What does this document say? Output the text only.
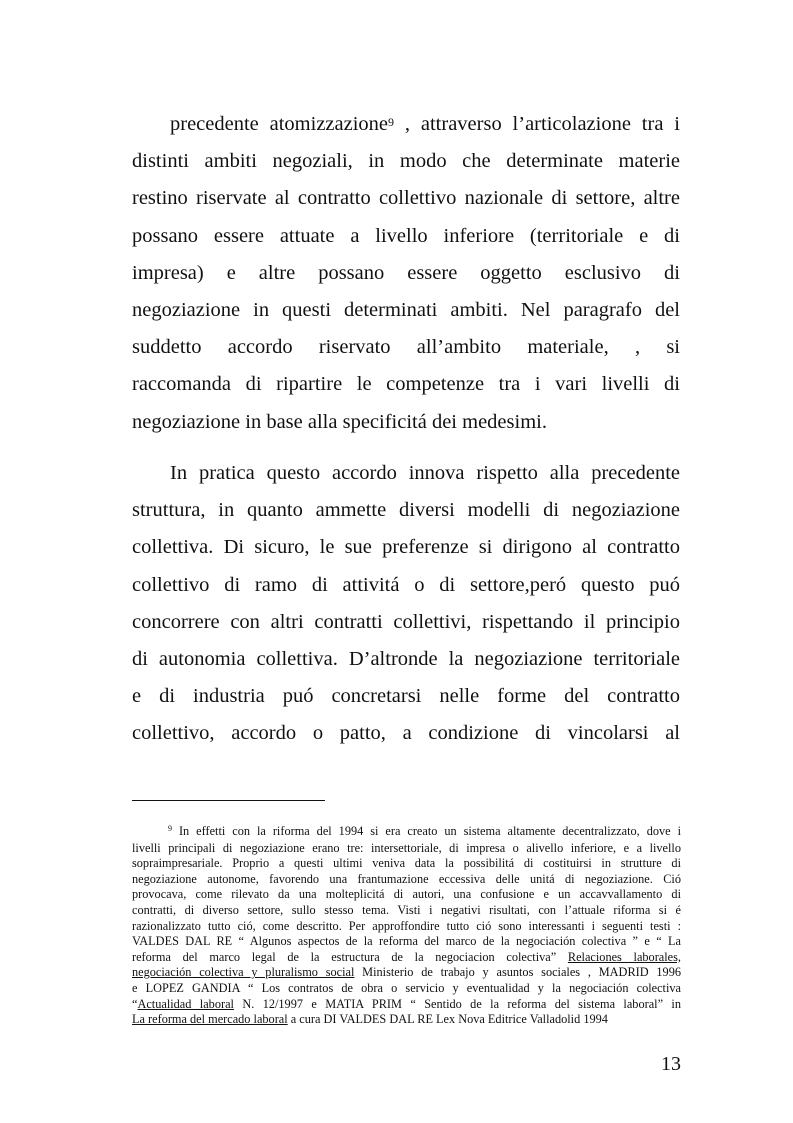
precedente atomizzazione$^9$ , attraverso l’articolazione tra i
distinti ambiti negoziali, in modo che determinate materie
restino riservate al contratto collettivo nazionale di settore, altre
possano essere attuate a livello inferiore (territoriale e di
impresa) e altre possano essere oggetto esclusivo di
negoziazione in questi determinati ambiti. Nel paragrafo del
suddetto accordo riservato all’ambito materiale, , si
raccomanda di ripartire le competenze tra i vari livelli di
negoziazione in base alla specificitá dei medesimi.
In pratica questo accordo innova rispetto alla precedente
struttura, in quanto ammette diversi modelli di negoziazione
collettiva. Di sicuro, le sue preferenze si dirigono al contratto
collettivo di ramo di attivitá o di settore,peró questo puó
concorrere con altri contratti collettivi, rispettando il principio
di autonomia collettiva. D’altronde la negoziazione territoriale
e di industria puó concretarsi nelle forme del contratto
collettivo, accordo o patto, a condizione di vincolarsi al
$^9$ In effetti con la riforma del 1994 si era creato un sistema altamente decentralizzato, dove i
livelli principali di negoziazione erano tre: intersettoriale, di impresa o alivello inferiore, e a livello
sopraimpresariale. Proprio a questi ultimi veniva data la possibilitá di costituirsi in strutture di
negoziazione autonome, favorendo una frantumazione eccessiva delle unitá di negoziazione. Ció
provocava, come rilevato da una molteplicitá di autori, una confusione e un accavvallamento di
contratti, di diverso settore, sullo stesso tema. Visti i negativi risultati, con l’attuale riforma si é
razionalizzato tutto ció, come descritto. Per approffondire tutto ció sono interessanti i seguenti testi :
VALDES DAL RE “ Algunos aspectos de la reforma del marco de la negociación colectiva ” e “ La
reforma del marco legal de la estructura de la negociacion colectiva” Relaciones laborales,
negociación colectiva y pluralismo social Ministerio de trabajo y asuntos sociales , MADRID 1996
e LOPEZ GANDIA “ Los contratos de obra o servicio y eventualidad y la negociación colectiva
“Actualidad laboral N. 12/1997 e MATIA PRIM “ Sentido de la reforma del sistema laboral” in
La reforma del mercado laboral a cura DI VALDES DAL RE Lex Nova Editrice Valladolid 1994
13
